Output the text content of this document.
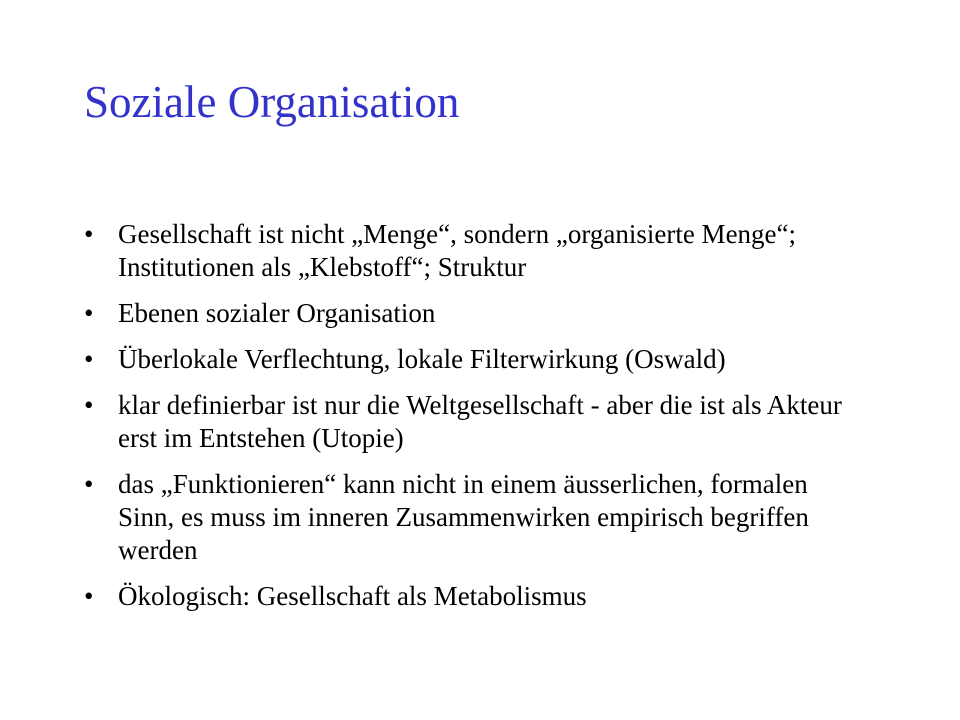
Soziale Organisation
• Gesellschaft ist nicht „Menge“, sondern „organisierte Menge“; Institutionen als „Klebstoff“; Struktur
• Ebenen sozialer Organisation
• Überlokale Verflechtung, lokale Filterwirkung (Oswald)
• klar definierbar ist nur die Weltgesellschaft - aber die ist als Akteur erst im Entstehen (Utopie)
• das „Funktionieren“ kann nicht in einem äusserlichen, formalen Sinn, es muss im inneren Zusammenwirken empirisch begriffen werden
• Ökologisch: Gesellschaft als Metabolismus
